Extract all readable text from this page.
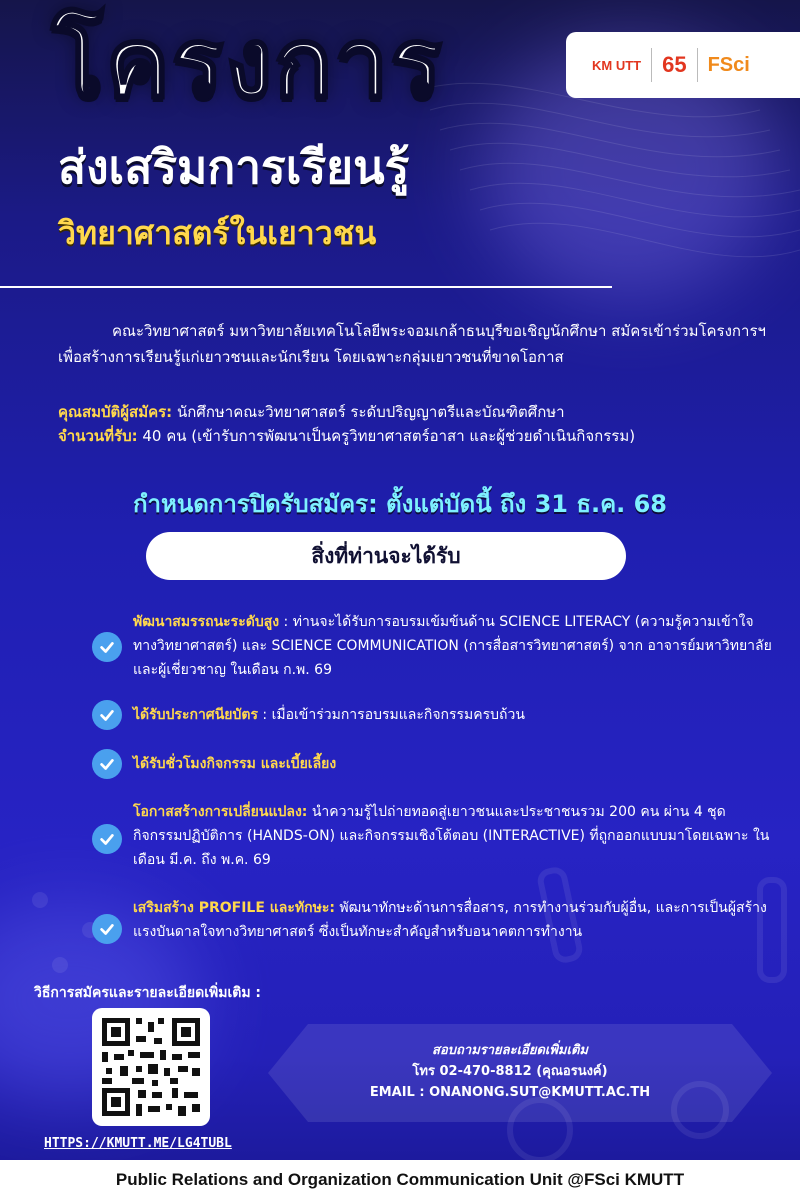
โครงการ
ส่งเสริมการเรียนรู้
วิทยาศาสตร์ในเยาวชน
KM UTT 65 FSci
คณะวิทยาศาสตร์ มหาวิทยาลัยเทคโนโลยีพระจอมเกล้าธนบุรีขอเชิญนักศึกษา สมัครเข้าร่วมโครงการฯ เพื่อสร้างการเรียนรู้แก่เยาวชนและนักเรียน โดยเฉพาะกลุ่มเยาวชนที่ขาดโอกาส
คุณสมบัติผู้สมัคร: นักศึกษาคณะวิทยาศาสตร์ ระดับปริญญาตรีและบัณฑิตศึกษา
จำนวนที่รับ: 40 คน (เข้ารับการพัฒนาเป็นครูวิทยาศาสตร์อาสา และผู้ช่วยดำเนินกิจกรรม)
กำหนดการปิดรับสมัคร: ตั้งแต่บัดนี้ ถึง 31 ธ.ค. 68
สิ่งที่ท่านจะได้รับ
พัฒนาสมรรถนะระดับสูง : ท่านจะได้รับการอบรมเข้มข้นด้าน SCIENCE LITERACY (ความรู้ความเข้าใจทางวิทยาศาสตร์) และ SCIENCE COMMUNICATION (การสื่อสารวิทยาศาสตร์) จาก อาจารย์มหาวิทยาลัยและผู้เชี่ยวชาญ ในเดือน ก.พ. 69
ได้รับประกาศนียบัตร : เมื่อเข้าร่วมการอบรมและกิจกรรมครบถ้วน
ได้รับชั่วโมงกิจกรรม และเบี้ยเลี้ยง
โอกาสสร้างการเปลี่ยนแปลง: นำความรู้ไปถ่ายทอดสู่เยาวชนและประชาชนรวม 200 คน ผ่าน 4 ชุดกิจกรรมปฏิบัติการ (HANDS-ON) และกิจกรรมเชิงโต้ตอบ (INTERACTIVE) ที่ถูกออกแบบมาโดยเฉพาะ ในเดือน มี.ค. ถึง พ.ค. 69
เสริมสร้าง PROFILE และทักษะ: พัฒนาทักษะด้านการสื่อสาร, การทำงานร่วมกับผู้อื่น, และการเป็นผู้สร้างแรงบันดาลใจทางวิทยาศาสตร์ ซึ่งเป็นทักษะสำคัญสำหรับอนาคตการทำงาน
วิธีการสมัครและรายละเอียดเพิ่มเติม :
HTTPS://KMUTT.ME/LG4TUBL
สอบถามรายละเอียดเพิ่มเติม
โทร 02-470-8812 (คุณอรนงค์)
EMAIL : ONANONG.SUT@KMUTT.AC.TH
Public Relations and Organization Communication Unit @FSci KMUTT
